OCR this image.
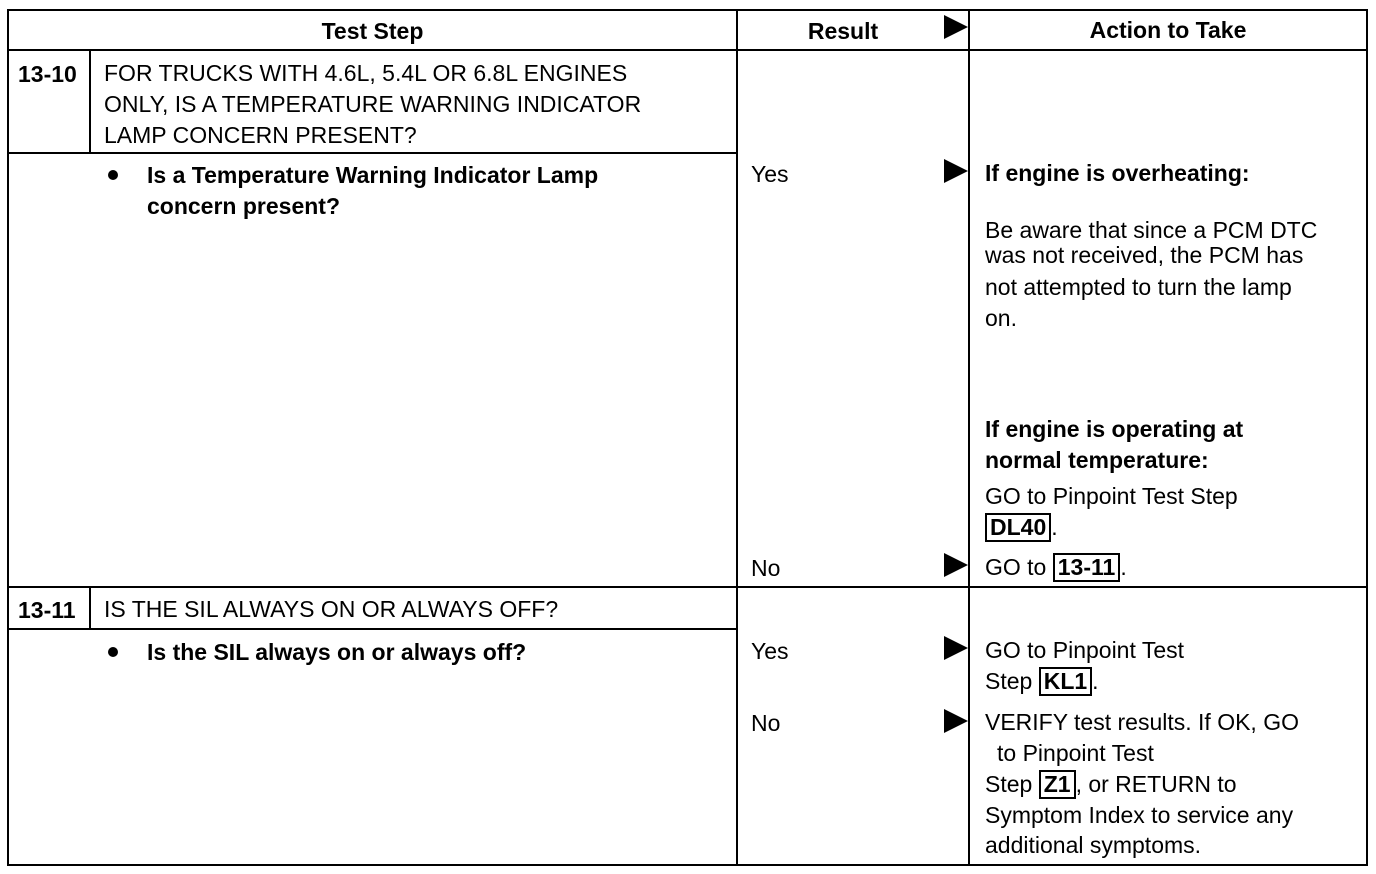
Test Step	Result	Action to Take
13-10 FOR TRUCKS WITH 4.6L, 5.4L OR 6.8L ENGINES
ONLY, IS A TEMPERATURE WARNING INDICATOR
LAMP CONCERN PRESENT?
Is a Temperature Warning Indicator Lamp
concern present?
Yes	If engine is overheating:
Be aware that since a PCM DTC
was not received, the PCM has
not attempted to turn the lamp
on.
If engine is operating at
normal temperature:
GO to Pinpoint Test Step
DL40 .
No	GO to 13-11 .
13-11 IS THE SIL ALWAYS ON OR ALWAYS OFF?
Is the SIL always on or always off?	Yes	GO to Pinpoint Test
Step KL1 .
No	VERIFY test results. If OK, GO
to Pinpoint Test
Step Z1 , or RETURN to
Symptom Index to service any
additional symptoms.
